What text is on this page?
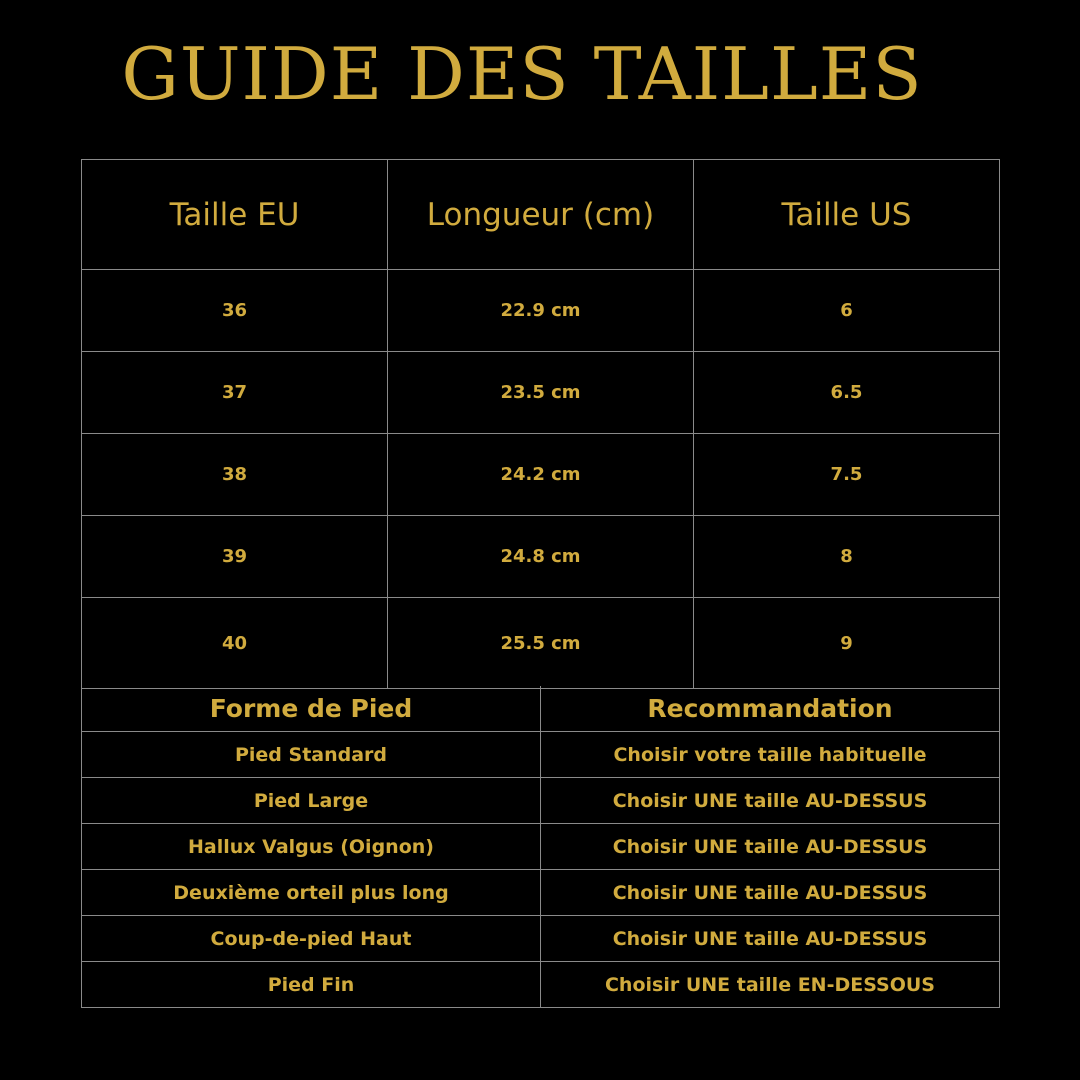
GUIDE DES TAILLES
Taille EU	Longueur (cm)	Taille US
36	22.9 cm	6
37	23.5 cm	6.5
38	24.2 cm	7.5
39	24.8 cm	8
40	25.5 cm	9
Forme de Pied	Recommandation
Pied Standard	Choisir votre taille habituelle
Pied Large	Choisir UNE taille AU-DESSUS
Hallux Valgus (Oignon)	Choisir UNE taille AU-DESSUS
Deuxième orteil plus long	Choisir UNE taille AU-DESSUS
Coup-de-pied Haut	Choisir UNE taille AU-DESSUS
Pied Fin	Choisir UNE taille EN-DESSOUS
